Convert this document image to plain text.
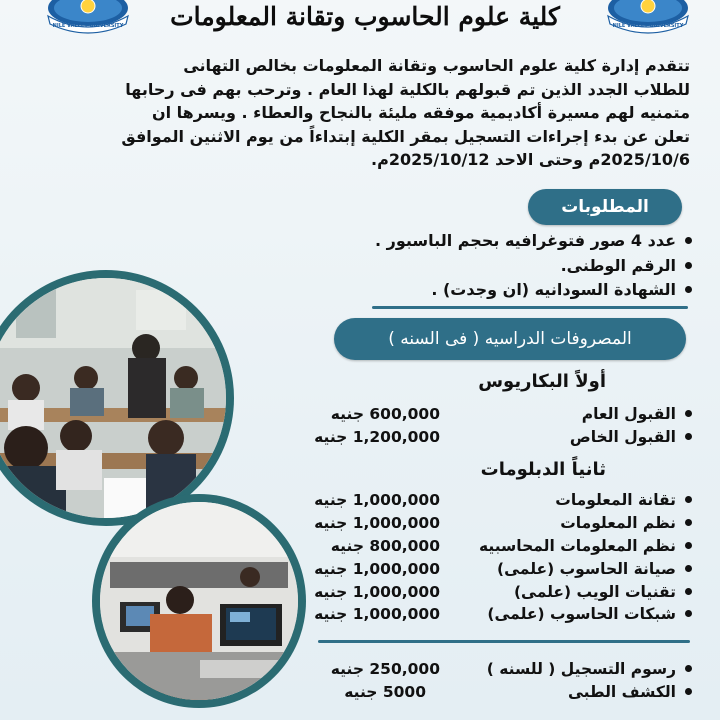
NILE VALLEY UNIVERSITY	كلية علوم الحاسوب وتقانة المعلومات	NILE VALLEY UNIVERSITY
تتقدم إدارة كلية علوم الحاسوب وتقانة المعلومات بخالص التهانى
للطلاب الجدد الذين تم قبولهم بالكلية لهذا العام . وترحب بهم فى رحابها
متمنيه لهم مسيرة أكاديمية موفقه مليئة بالنجاح والعطاء . ويسرها ان
تعلن عن بدء إجراءات التسجيل بمقر الكلية إبتداءاً من يوم الاثنين الموافق
2025/10/6م وحتى الاحد 2025/10/12م.
المطلوبات
عدد 4 صور فتوغرافيه بحجم الباسبور .
الرقم الوطنى.
الشهادة السودانيه (ان وجدت) .
المصروفات الدراسيه ( فى السنه )
أولاً البكاريوس
القبول العام
600,000 جنيه
القبول الخاص
1,200,000 جنيه
ثانياً الدبلومات
تقانة المعلومات
1,000,000 جنيه
نظم المعلومات
1,000,000 جنيه
نظم المعلومات المحاسبيه
800,000 جنيه
صيانة الحاسوب (علمى)
1,000,000 جنيه
تقنيات الويب (علمى)
1,000,000 جنيه
شبكات الحاسوب (علمى)
1,000,000 جنيه
رسوم التسجيل ( للسنه )
250,000 جنيه
الكشف الطبى
5000 جنيه
